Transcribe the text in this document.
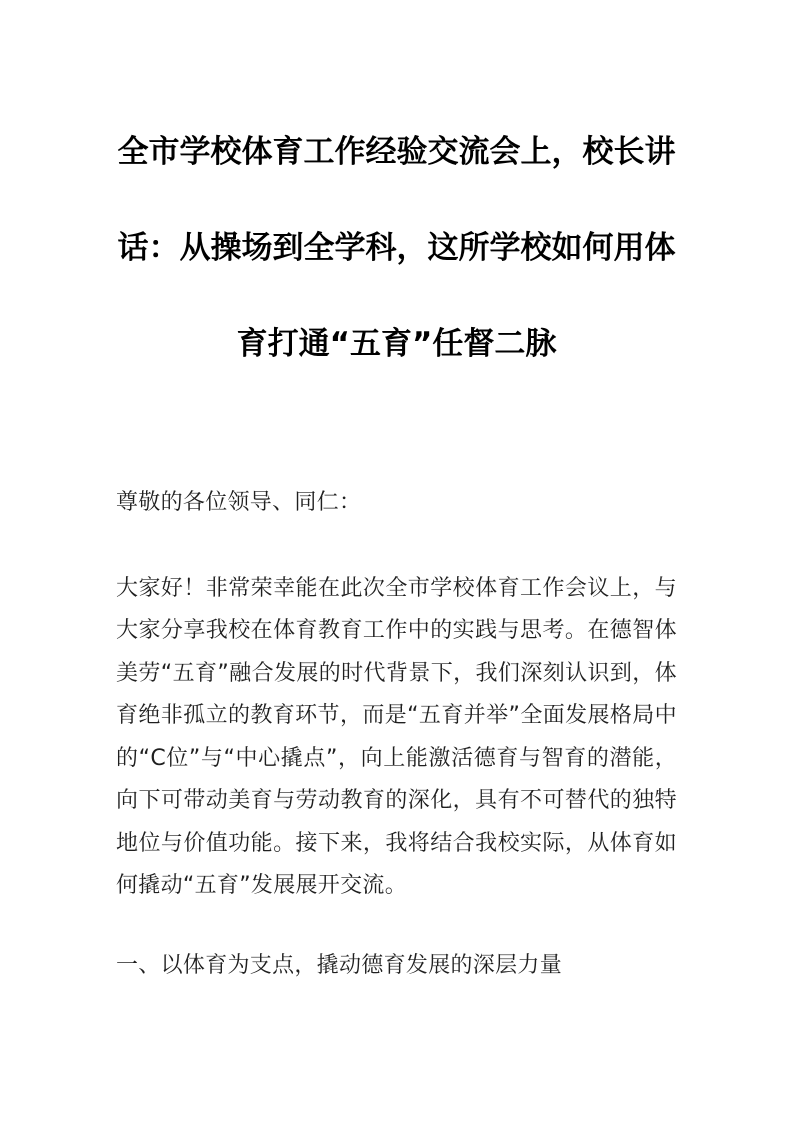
全市学校体育工作经验交流会上，校长讲话：从操场到全学科，这所学校如何用体育打通“五育”任督二脉
尊敬的各位领导、同仁：
大家好！非常荣幸能在此次全市学校体育工作会议上，与大家分享我校在体育教育工作中的实践与思考。在德智体美劳“五育”融合发展的时代背景下，我们深刻认识到，体育绝非孤立的教育环节，而是“五育并举”全面发展格局中的“C位”与“中心撬点”，向上能激活德育与智育的潜能，向下可带动美育与劳动教育的深化，具有不可替代的独特地位与价值功能。接下来，我将结合我校实际，从体育如何撬动“五育”发展展开交流。
一、以体育为支点，撬动德育发展的深层力量
